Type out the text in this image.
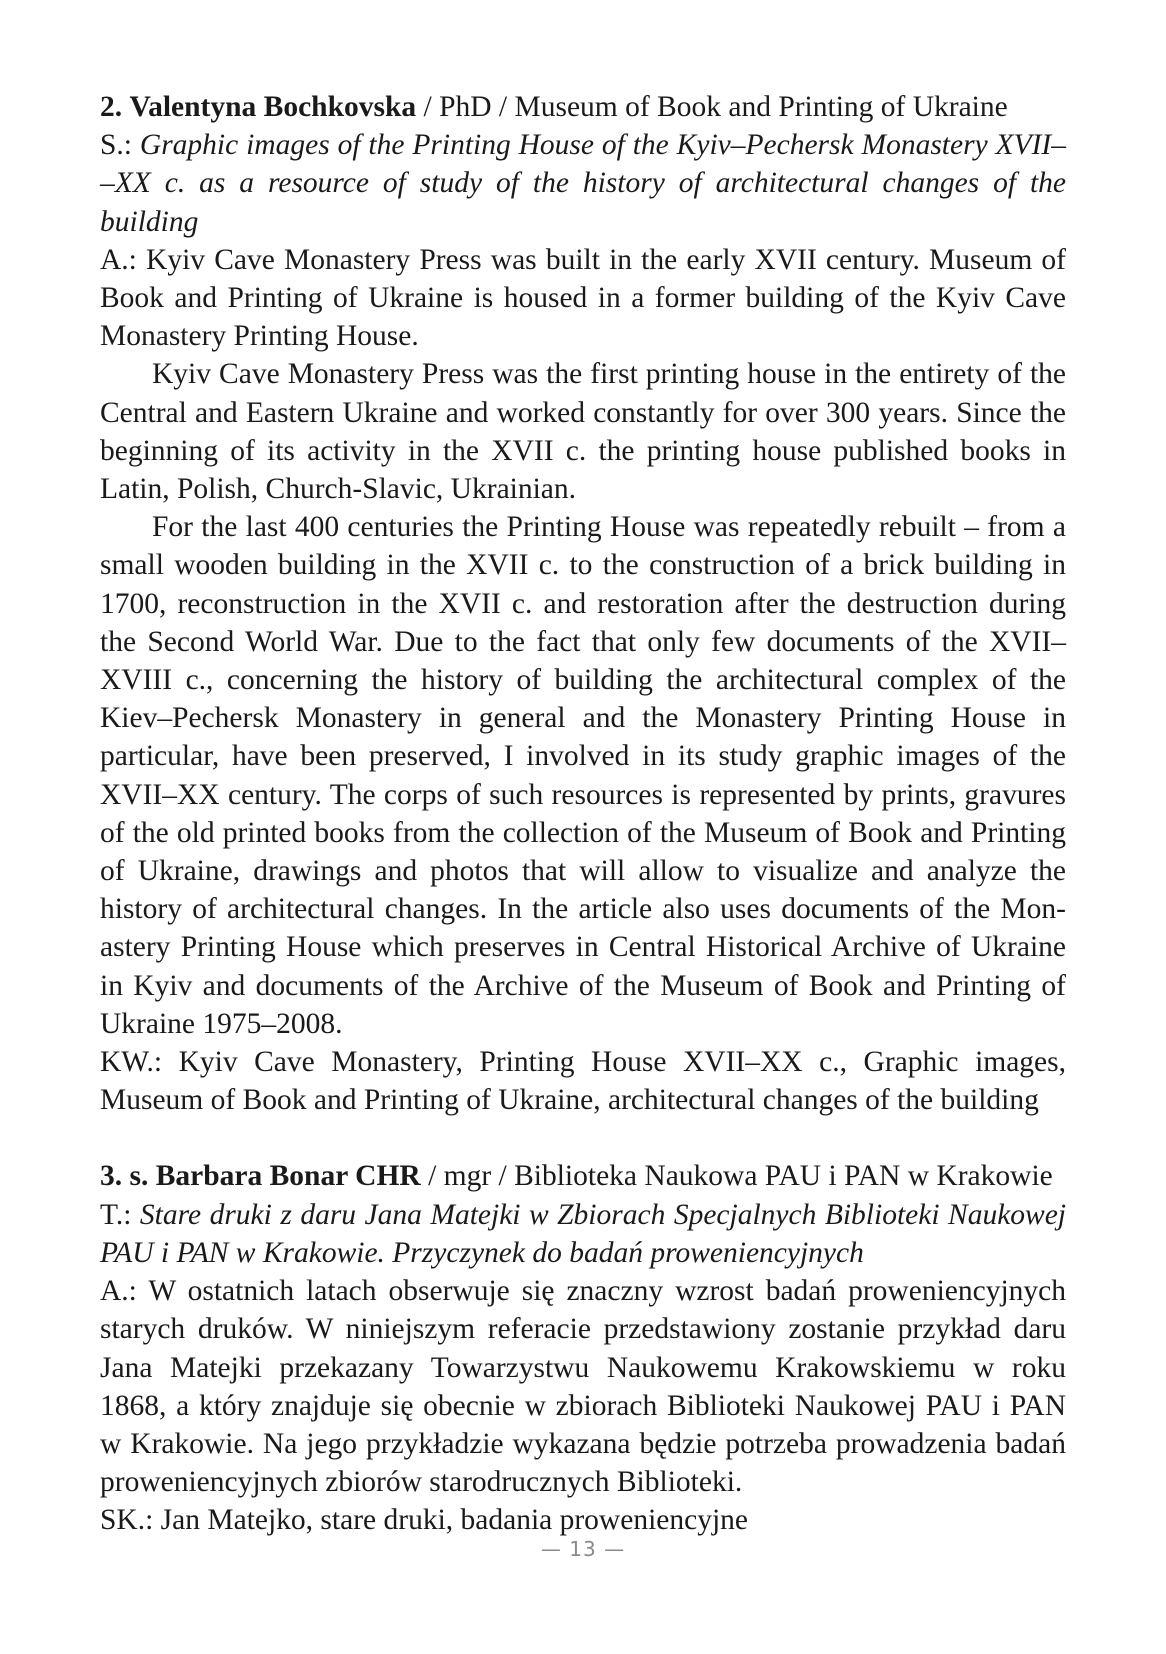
2. Valentyna Bochkovska / PhD / Museum of Book and Printing of Ukraine

S.: Graphic images of the Printing House of the Kyiv–Pechersk Monastery XVII–​–XX c. as a resource of study of the history of architectural changes of the building

A.: Kyiv Cave Monastery Press was built in the early XVII century. Museum of Book and Printing of Ukraine is housed in a former building of the Kyiv Cave Monastery Printing House.

Kyiv Cave Monastery Press was the first printing house in the entirety of the Central and Eastern Ukraine and worked constantly for over 300 years. Since the beginning of its activity in the XVII c. the printing house published books in Latin, Polish, Church-Slavic, Ukrainian.

For the last 400 centuries the Printing House was repeatedly rebuilt – from a small wooden building in the XVII c. to the construction of a brick building in 1700, reconstruction in the XVII c. and restoration after the destruction during the Second World War. Due to the fact that only few documents of the XVII–XVIII c., concerning the history of building the architectural complex of the Kiev–Pechersk Monastery in general and the Monastery Printing House in particular, have been preserved, I involved in its study graphic images of the XVII–XX century. The corps of such resources is represented by prints, gravures of the old printed books from the collection of the Museum of Book and Printing of Ukraine, drawings and photos that will allow to visualize and analyze the history of architectural changes. In the article also uses documents of the Monastery Printing House which preserves in Central Historical Archive of Ukraine in Kyiv and documents of the Archive of the Museum of Book and Printing of Ukraine 1975–2008.

KW.: Kyiv Cave Monastery, Printing House XVII–XX c., Graphic images, Museum of Book and Printing of Ukraine, architectural changes of the building

3. s. Barbara Bonar CHR / mgr / Biblioteka Naukowa PAU i PAN w Krakowie

T.: Stare druki z daru Jana Matejki w Zbiorach Specjalnych Biblioteki Naukowej PAU i PAN w Krakowie. Przyczynek do badań proweniencyjnych

A.: W ostatnich latach obserwuje się znaczny wzrost badań proweniencyjnych starych druków. W niniejszym referacie przedstawiony zostanie przykład daru Jana Matejki przekazany Towarzystwu Naukowemu Krakowskiemu w roku 1868, a który znajduje się obecnie w zbiorach Biblioteki Naukowej PAU i PAN w Krakowie. Na jego przykładzie wykazana będzie potrzeba prowadzenia badań proweniencyjnych zbiorów starodrucznych Biblioteki.

SK.: Jan Matejko, stare druki, badania proweniencyjne

— 13 —
